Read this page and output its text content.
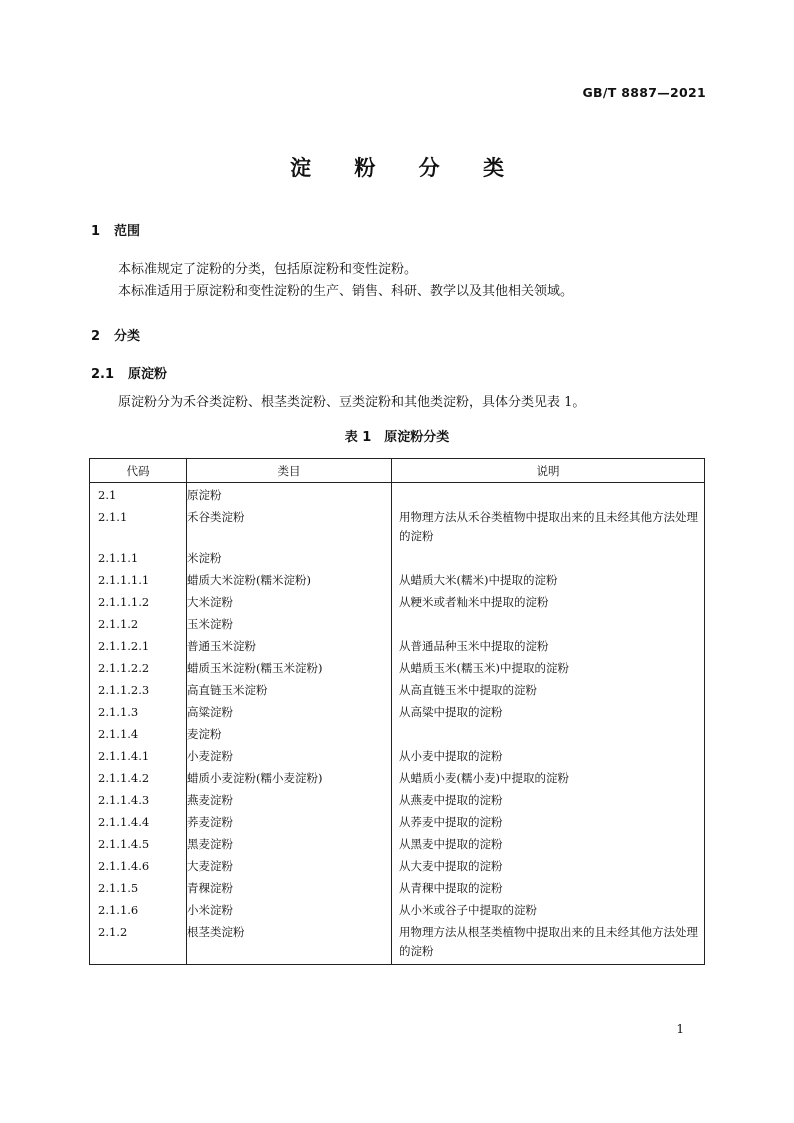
GB/T 8887—2021
淀 粉 分 类
1 范围
本标准规定了淀粉的分类，包括原淀粉和变性淀粉。
本标准适用于原淀粉和变性淀粉的生产、销售、科研、教学以及其他相关领域。
2 分类
2.1 原淀粉
原淀粉分为禾谷类淀粉、根茎类淀粉、豆类淀粉和其他类淀粉，具体分类见表 1。
表 1　原淀粉分类
代码	类目	说明
2.1	原淀粉	
2.1.1	禾谷类淀粉	用物理方法从禾谷类植物中提取出来的且未经其他方法处理的淀粉
2.1.1.1	米淀粉	
2.1.1.1.1	蜡质大米淀粉(糯米淀粉)	从蜡质大米(糯米)中提取的淀粉
2.1.1.1.2	大米淀粉	从粳米或者籼米中提取的淀粉
2.1.1.2	玉米淀粉	
2.1.1.2.1	普通玉米淀粉	从普通品种玉米中提取的淀粉
2.1.1.2.2	蜡质玉米淀粉(糯玉米淀粉)	从蜡质玉米(糯玉米)中提取的淀粉
2.1.1.2.3	高直链玉米淀粉	从高直链玉米中提取的淀粉
2.1.1.3	高粱淀粉	从高粱中提取的淀粉
2.1.1.4	麦淀粉	
2.1.1.4.1	小麦淀粉	从小麦中提取的淀粉
2.1.1.4.2	蜡质小麦淀粉(糯小麦淀粉)	从蜡质小麦(糯小麦)中提取的淀粉
2.1.1.4.3	燕麦淀粉	从燕麦中提取的淀粉
2.1.1.4.4	荞麦淀粉	从荞麦中提取的淀粉
2.1.1.4.5	黑麦淀粉	从黑麦中提取的淀粉
2.1.1.4.6	大麦淀粉	从大麦中提取的淀粉
2.1.1.5	青稞淀粉	从青稞中提取的淀粉
2.1.1.6	小米淀粉	从小米或谷子中提取的淀粉
2.1.2	根茎类淀粉	用物理方法从根茎类植物中提取出来的且未经其他方法处理的淀粉
1
